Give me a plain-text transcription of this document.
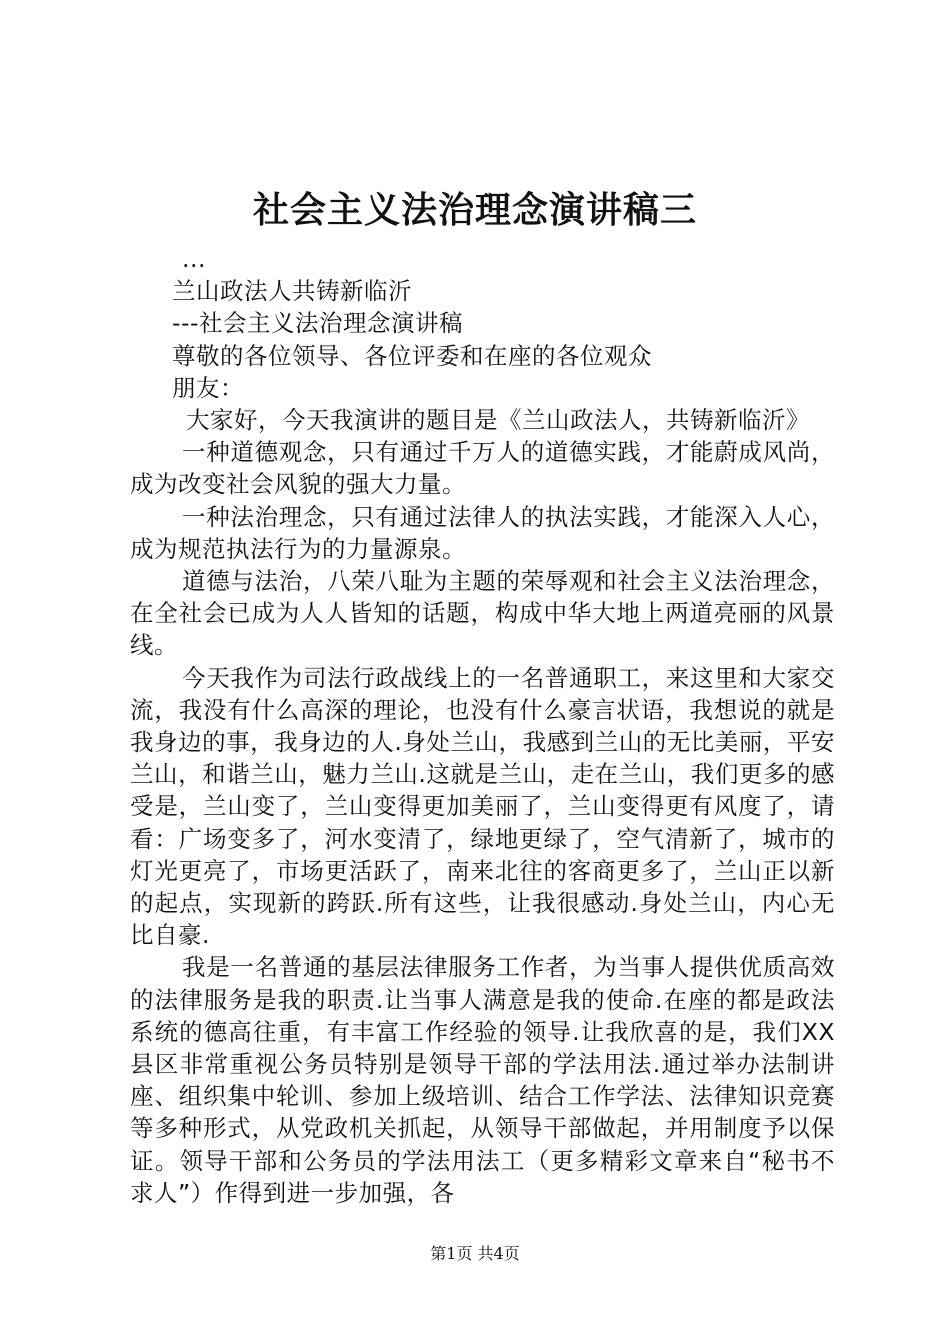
社会主义法治理念演讲稿三
...
兰山政法人共铸新临沂
---社会主义法治理念演讲稿
尊敬的各位领导、各位评委和在座的各位观众
朋友：

大家好，今天我演讲的题目是《兰山政法人，共铸新临沂》

一种道德观念，只有通过千万人的道德实践，才能蔚成风尚，成为改变社会风貌的强大力量。

一种法治理念，只有通过法律人的执法实践，才能深入人心，成为规范执法行为的力量源泉。

道德与法治，八荣八耻为主题的荣辱观和社会主义法治理念，在全社会已成为人人皆知的话题，构成中华大地上两道亮丽的风景线。

今天我作为司法行政战线上的一名普通职工，来这里和大家交流，我没有什么高深的理论，也没有什么豪言状语，我想说的就是我身边的事，我身边的人.身处兰山，我感到兰山的无比美丽，平安兰山，和谐兰山，魅力兰山.这就是兰山，走在兰山，我们更多的感受是，兰山变了，兰山变得更加美丽了，兰山变得更有风度了，请看：广场变多了，河水变清了，绿地更绿了，空气清新了，城市的灯光更亮了，市场更活跃了，南来北往的客商更多了，兰山正以新的起点，实现新的跨跃.所有这些，让我很感动.身处兰山，内心无比自豪.

我是一名普通的基层法律服务工作者，为当事人提供优质高效的法律服务是我的职责.让当事人满意是我的使命.在座的都是政法系统的德高往重，有丰富工作经验的领导.让我欣喜的是，我们XX县区非常重视公务员特别是领导干部的学法用法.通过举办法制讲座、组织集中轮训、参加上级培训、结合工作学法、法律知识竞赛等多种形式，从党政机关抓起，从领导干部做起，并用制度予以保证。领导干部和公务员的学法用法工（更多精彩文章来自“秘书不求人”）作得到进一步加强，各

第1页 共4页
